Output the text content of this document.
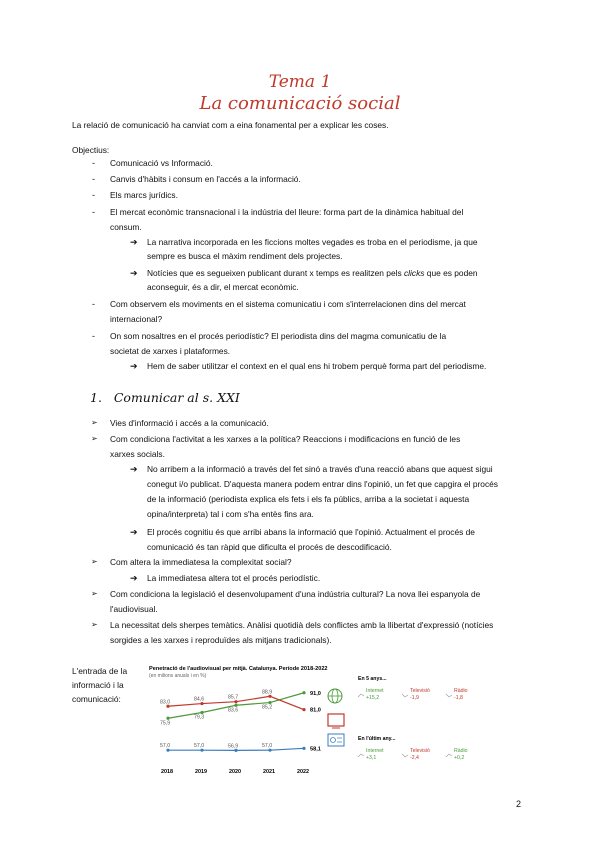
Tema 1
La comunicació social
La relació de comunicació ha canviat com a eina fonamental per a explicar les coses.
Objectius:
- Comunicació vs Informació.
- Canvis d'hàbits i consum en l'accés a la informació.
- Els marcs jurídics.
- El mercat econòmic transnacional i la indústria del lleure: forma part de la dinàmica habitual del
consum.
➔ La narrativa incorporada en les ficcions moltes vegades es troba en el periodisme, ja que
sempre es busca el màxim rendiment dels projectes.
➔ Notícies que es segueixen publicant durant x temps es realitzen pels clicks que es poden
aconseguir, és a dir, el mercat econòmic.
- Com observem els moviments en el sistema comunicatiu i com s'interrelacionen dins del mercat
internacional?
- On som nosaltres en el procés periodístic? El periodista dins del magma comunicatiu de la
societat de xarxes i plataformes.
➔ Hem de saber utilitzar el context en el qual ens hi trobem perquè forma part del periodisme.
1. Comunicar al s. XXI
➢ Vies d'informació i accés a la comunicació.
➢ Com condiciona l'activitat a les xarxes a la política? Reaccions i modificacions en funció de les
xarxes socials.
➔ No arribem a la informació a través del fet sinó a través d'una reacció abans que aquest sigui
conegut i/o publicat. D'aquesta manera podem entrar dins l'opinió, un fet que capgira el procés
de la informació (periodista explica els fets i els fa públics, arriba a la societat i aquesta
opina/interpreta) tal i com s'ha entès fins ara.
➔ El procés cognitiu és que arribi abans la informació que l'opinió. Actualment el procés de
comunicació és tan ràpid que dificulta el procés de descodificació.
➢ Com altera la immediatesa la complexitat social?
➔ La immediatesa altera tot el procés periodístic.
➢ Com condiciona la legislació el desenvolupament d'una indústria cultural? La nova llei espanyola de
l'audiovisual.
➢ La necessitat dels sherpes temàtics. Anàlisi quotidià dels conflictes amb la llibertat d'expressió (notícies
sorgides a les xarxes i reproduïdes als mitjans tradicionals).
L'entrada de la
informació i la
comunicació:
Penetració de l'audiovisual per mitjà. Catalunya. Període 2018-2022
(en milions anuals i en %)
75,9
79,3
83,6	85,2
91,0
83,0	84,6	85,7
88,9
81,0
57,0	57,0	56,9	57,0
58,1
2018	2019	2020	2021	2022
En 5 anys...
Internet
+15,2
Televisió
-1,9
Ràdio
-1,8
En l'últim any...
Internet
+3,1
Televisió
-2,4
Ràdio
+0,2
2
